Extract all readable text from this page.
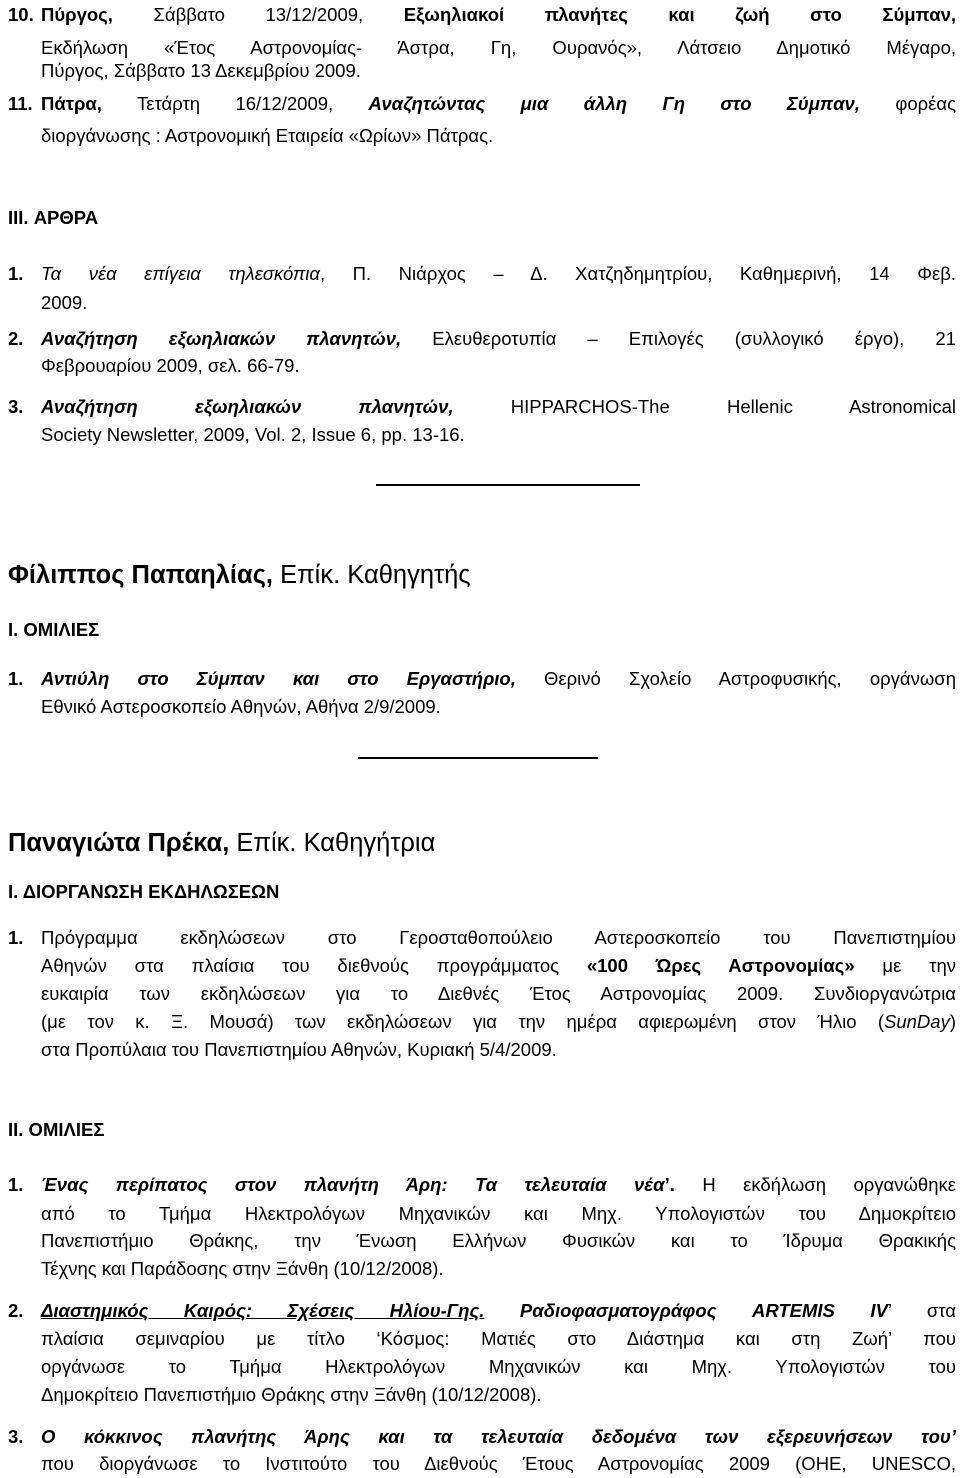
10. Πύργος, Σάββατο 13/12/2009, Εξωηλιακοί πλανήτες και ζωή στο Σύμπαν,
Εκδήλωση «Έτος Αστρονομίας- Άστρα, Γη, Ουρανός», Λάτσειο Δημοτικό Μέγαρο,
Πύργος, Σάββατο 13 Δεκεμβρίου 2009.
11. Πάτρα, Τετάρτη 16/12/2009, Αναζητώντας μια άλλη Γη στο Σύμπαν, φορέας
διοργάνωσης : Αστρονομική Εταιρεία «Ωρίων» Πάτρας.
III. ΑΡΘΡΑ
1. Τα νέα επίγεια τηλεσκόπια, Π. Νιάρχος – Δ. Χατζηδημητρίου, Καθημερινή, 14 Φεβ.
2009.
2. Αναζήτηση εξωηλιακών πλανητών, Ελευθεροτυπία – Επιλογές (συλλογικό έργο), 21
Φεβρουαρίου 2009, σελ. 66-79.
3. Αναζήτηση εξωηλιακών πλανητών, HIPPARCHOS-The Hellenic Astronomical
Society Newsletter, 2009, Vol. 2, Issue 6, pp. 13-16.
Φίλιππος Παπαηλίας, Επίκ. Καθηγητής
Ι. ΟΜΙΛΙΕΣ
1. Αντιύλη στο Σύμπαν και στο Εργαστήριο, Θερινό Σχολείο Αστροφυσικής, οργάνωση
Εθνικό Αστεροσκοπείο Αθηνών, Αθήνα 2/9/2009.
Παναγιώτα Πρέκα, Επίκ. Καθηγήτρια
Ι. ΔΙΟΡΓΑΝΩΣΗ ΕΚΔΗΛΩΣΕΩΝ
1. Πρόγραμμα εκδηλώσεων στο Γεροσταθοπούλειο Αστεροσκοπείο του Πανεπιστημίου
Αθηνών στα πλαίσια του διεθνούς προγράμματος «100 Ώρες Αστρονομίας» με την
ευκαιρία των εκδηλώσεων για το Διεθνές Έτος Αστρονομίας 2009. Συνδιοργανώτρια
(με τον κ. Ξ. Μουσά) των εκδηλώσεων για την ημέρα αφιερωμένη στον Ήλιο (SunDay)
στα Προπύλαια του Πανεπιστημίου Αθηνών, Κυριακή 5/4/2009.
ΙΙ. ΟΜΙΛΙΕΣ
1. Ένας περίπατος στον πλανήτη Άρη: Τα τελευταία νέα’. Η εκδήλωση οργανώθηκε
από το Τμήμα Ηλεκτρολόγων Μηχανικών και Μηχ. Υπολογιστών του Δημοκρίτειο
Πανεπιστήμιο Θράκης, την Ένωση Ελλήνων Φυσικών και το Ίδρυμα Θρακικής
Τέχνης και Παράδοσης στην Ξάνθη (10/12/2008).
2. Διαστημικός Καιρός: Σχέσεις Ηλίου-Γης. Ραδιοφασματογράφος ARTEMIS IV’ στα
πλαίσια σεμιναρίου με τίτλο ‘Κόσμος: Ματιές στο Διάστημα και στη Ζωή’ που
οργάνωσε το Τμήμα Ηλεκτρολόγων Μηχανικών και Μηχ. Υπολογιστών του
Δημοκρίτειο Πανεπιστήμιο Θράκης στην Ξάνθη (10/12/2008).
3. Ο κόκκινος πλανήτης Άρης και τα τελευταία δεδομένα των εξερευνήσεων του’
που διοργάνωσε το Ινστιτούτο του Διεθνούς Έτους Αστρονομίας 2009 (ΟΗΕ, UNESCO,
